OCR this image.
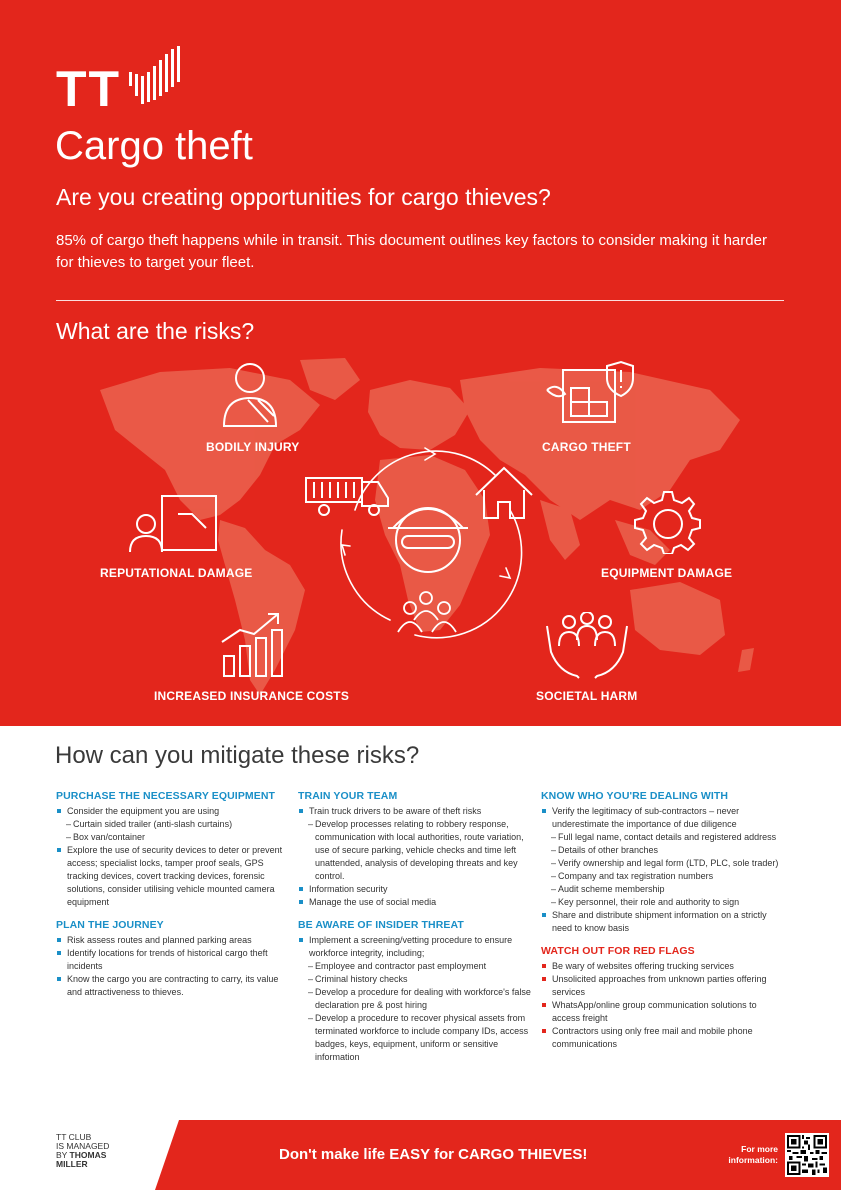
TT
Cargo theft
Are you creating opportunities for cargo thieves?
85% of cargo theft happens while in transit. This document outlines key factors to consider making it harder for thieves to target your fleet.
What are the risks?
BODILY INJURY	CARGO THEFT
REPUTATIONAL DAMAGE	EQUIPMENT DAMAGE
INCREASED INSURANCE COSTS	SOCIETAL HARM
How can you mitigate these risks?
PURCHASE THE NECESSARY EQUIPMENT
Consider the equipment you are using
– Curtain sided trailer (anti-slash curtains)
– Box van/container
Explore the use of security devices to deter or prevent access; specialist locks, tamper proof seals, GPS tracking devices, covert tracking devices, forensic solutions, consider utilising vehicle mounted camera equipment
PLAN THE JOURNEY
Risk assess routes and planned parking areas
Identify locations for trends of historical cargo theft incidents
Know the cargo you are contracting to carry, its value and attractiveness to thieves.
TRAIN YOUR TEAM
Train truck drivers to be aware of theft risks
– Develop processes relating to robbery response, communication with local authorities, route variation, use of secure parking, vehicle checks and time left unattended, analysis of developing threats and key control.
Information security
Manage the use of social media
BE AWARE OF INSIDER THREAT
Implement a screening/vetting procedure to ensure workforce integrity, including;
– Employee and contractor past employment
– Criminal history checks
– Develop a procedure for dealing with workforce's false declaration pre & post hiring
– Develop a procedure to recover physical assets from terminated workforce to include company IDs, access badges, keys, equipment, uniform or sensitive information
KNOW WHO YOU'RE DEALING WITH
Verify the legitimacy of sub-contractors – never underestimate the importance of due diligence
– Full legal name, contact details and registered address
– Details of other branches
– Verify ownership and legal form (LTD, PLC, sole trader)
– Company and tax registration numbers
– Audit scheme membership
– Key personnel, their role and authority to sign
Share and distribute shipment information on a strictly need to know basis
WATCH OUT FOR RED FLAGS
Be wary of websites offering trucking services
Unsolicited approaches from unknown parties offering services
WhatsApp/online group communication solutions to access freight
Contractors using only free mail and mobile phone communications
TT CLUB
IS MANAGED
BY THOMAS
MILLER
Don't make life EASY for CARGO THIEVES!	For more information:
